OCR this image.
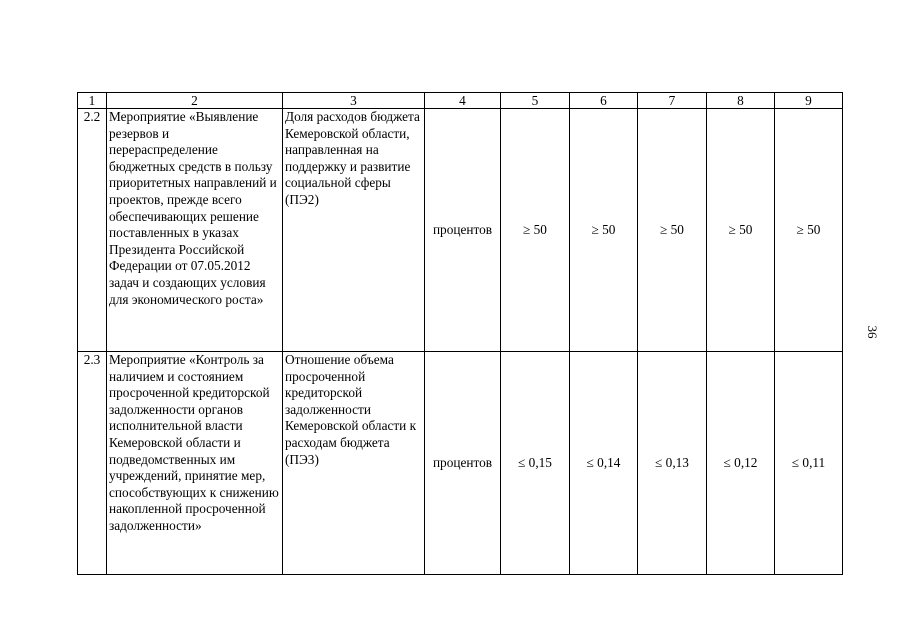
1	2	3	4	5	6	7	8	9
2.2	Мероприятие «Выявление резервов и перераспределение бюджетных средств в пользу приоритетных направлений и проектов, прежде всего обеспечивающих решение поставленных в указах Президента Российской Федерации от 07.05.2012 задач и создающих условия для экономического роста»	Доля расходов бюджета Кемеровской области, направленная на поддержку и развитие социальной сферы (ПЭ2)	процентов	≥ 50	≥ 50	≥ 50	≥ 50	≥ 50
2.3	Мероприятие «Контроль за наличием и состоянием просроченной кредиторской задолженности органов исполнительной власти Кемеровской области и подведомственных им учреждений, принятие мер, способствующих к снижению накопленной просроченной задолженности»	Отношение объема просроченной кредиторской задолженности Кемеровской области к расходам бюджета (ПЭ3)	процентов	≤ 0,15	≤ 0,14	≤ 0,13	≤ 0,12	≤ 0,11
36
